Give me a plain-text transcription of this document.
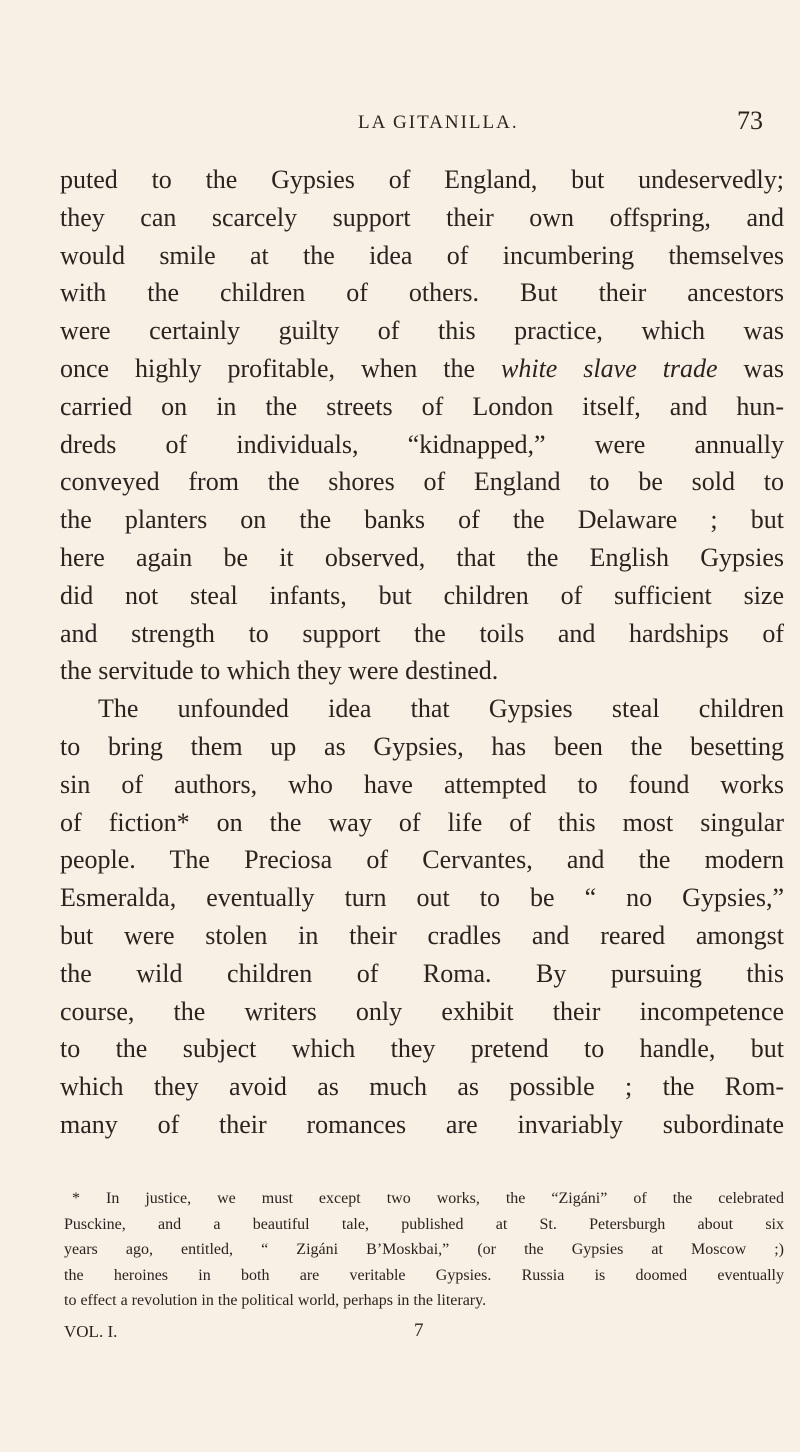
LA GITANILLA.	73
puted to the Gypsies of England, but undeservedly;
they can scarcely support their own offspring, and
would smile at the idea of incumbering themselves
with the children of others. But their ancestors
were certainly guilty of this practice, which was
once highly profitable, when the white slave trade was
carried on in the streets of London itself, and hun-
dreds of individuals, “kidnapped,” were annually
conveyed from the shores of England to be sold to
the planters on the banks of the Delaware ; but
here again be it observed, that the English Gypsies
did not steal infants, but children of sufficient size
and strength to support the toils and hardships of
the servitude to which they were destined.
The unfounded idea that Gypsies steal children
to bring them up as Gypsies, has been the besetting
sin of authors, who have attempted to found works
of fiction* on the way of life of this most singular
people. The Preciosa of Cervantes, and the modern
Esmeralda, eventually turn out to be “ no Gypsies,”
but were stolen in their cradles and reared amongst
the wild children of Roma. By pursuing this
course, the writers only exhibit their incompetence
to the subject which they pretend to handle, but
which they avoid as much as possible ; the Rom-
many of their romances are invariably subordinate
* In justice, we must except two works, the “Zigáni” of the celebrated
Pusckine, and a beautiful tale, published at St. Petersburgh about six
years ago, entitled, “ Zigáni B’Moskbai,” (or the Gypsies at Moscow ;)
the heroines in both are veritable Gypsies. Russia is doomed eventually
to effect a revolution in the political world, perhaps in the literary.
VOL. I.	7
